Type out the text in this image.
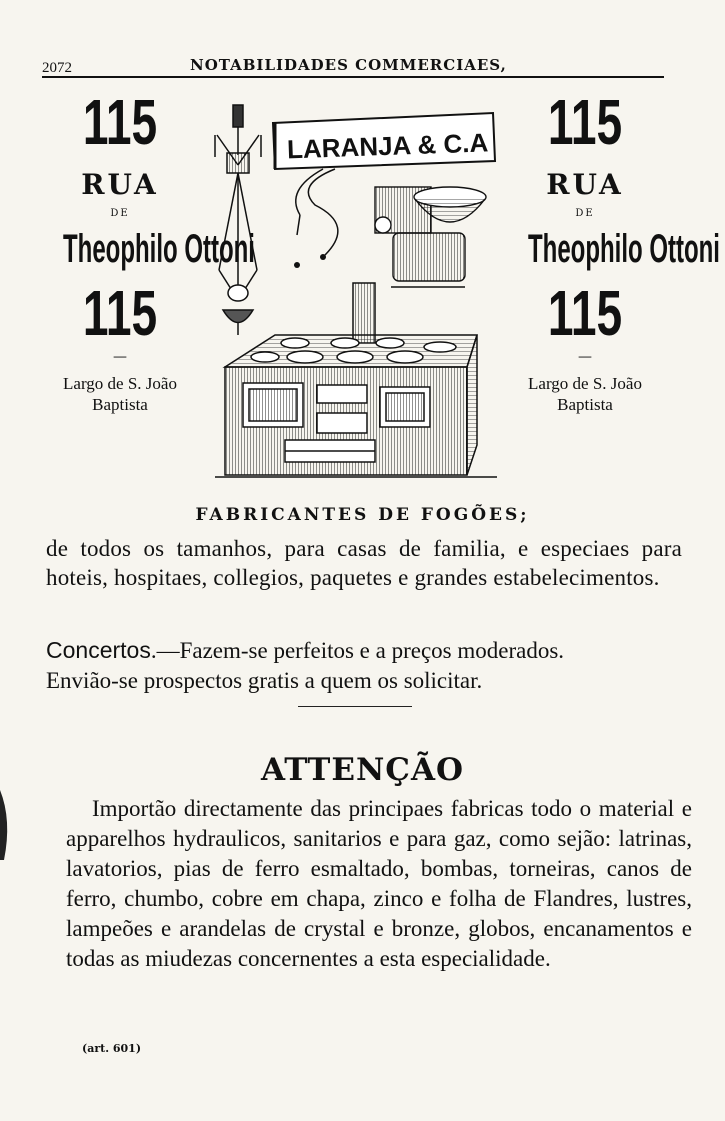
2072	NOTABILIDADES COMMERCIAES,
115
RUA
DE
Theophilo Ottoni
115
—
Largo de S. João
Baptista
115
RUA
DE
Theophilo Ottoni
115
—
Largo de S. João
Baptista
LARANJA & C.A
FABRICANTES DE FOGÕES;
de todos os tamanhos, para casas de familia, e especiaes para hoteis, hospitaes, collegios, paquetes e grandes estabelecimentos.
Concertos.—Fazem-se perfeitos e a preços moderados.
Envião-se prospectos gratis a quem os solicitar.
ATTENÇÃO
Importão directamente das principaes fabricas todo o material e apparelhos hydraulicos, sanitarios e para gaz, como sejão: latrinas, lavatorios, pias de ferro esmaltado, bombas, torneiras, canos de ferro, chumbo, cobre em chapa, zinco e folha de Flandres, lustres, lampeões e arandelas de crystal e bronze, globos, encanamentos e todas as miudezas concernentes a esta especialidade.
(art. 601)
